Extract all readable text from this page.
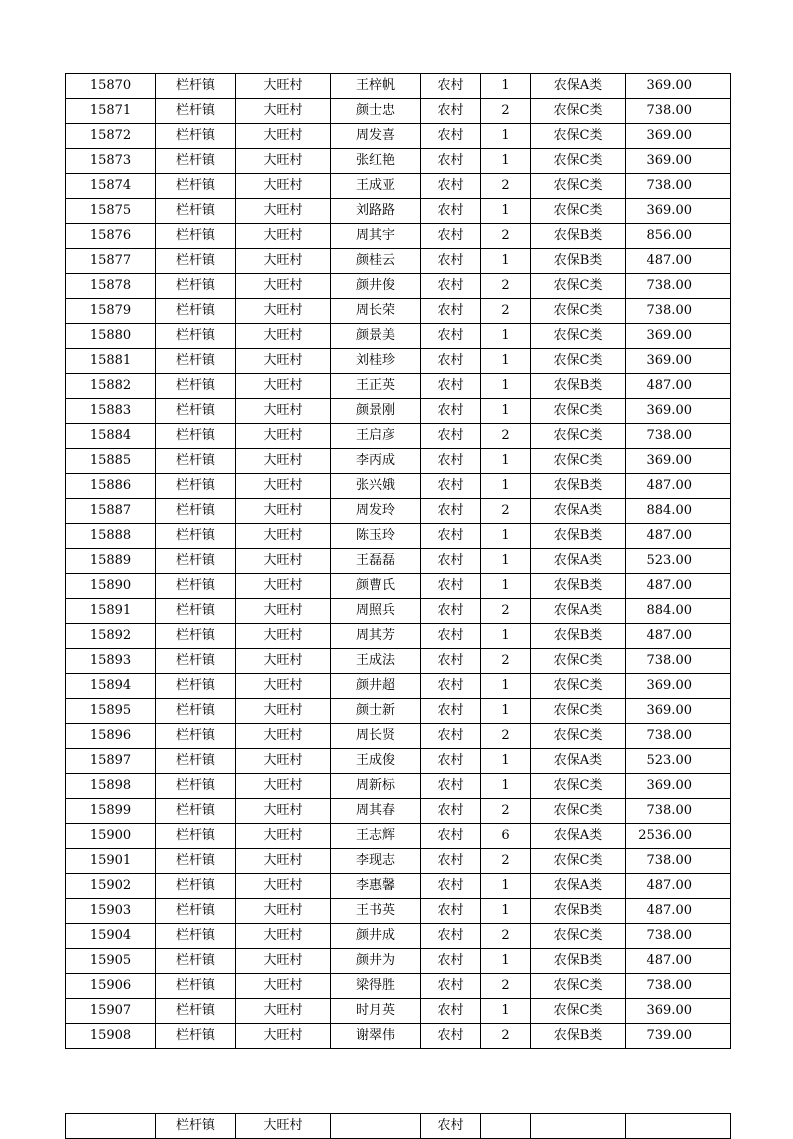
15870	栏杆镇	大旺村	王梓帆	农村	1	农保A类	369.00
15871	栏杆镇	大旺村	颜士忠	农村	2	农保C类	738.00
15872	栏杆镇	大旺村	周发喜	农村	1	农保C类	369.00
15873	栏杆镇	大旺村	张红艳	农村	1	农保C类	369.00
15874	栏杆镇	大旺村	王成亚	农村	2	农保C类	738.00
15875	栏杆镇	大旺村	刘路路	农村	1	农保C类	369.00
15876	栏杆镇	大旺村	周其宇	农村	2	农保B类	856.00
15877	栏杆镇	大旺村	颜桂云	农村	1	农保B类	487.00
15878	栏杆镇	大旺村	颜井俊	农村	2	农保C类	738.00
15879	栏杆镇	大旺村	周长荣	农村	2	农保C类	738.00
15880	栏杆镇	大旺村	颜景美	农村	1	农保C类	369.00
15881	栏杆镇	大旺村	刘桂珍	农村	1	农保C类	369.00
15882	栏杆镇	大旺村	王正英	农村	1	农保B类	487.00
15883	栏杆镇	大旺村	颜景刚	农村	1	农保C类	369.00
15884	栏杆镇	大旺村	王启彦	农村	2	农保C类	738.00
15885	栏杆镇	大旺村	李丙成	农村	1	农保C类	369.00
15886	栏杆镇	大旺村	张兴娥	农村	1	农保B类	487.00
15887	栏杆镇	大旺村	周发玲	农村	2	农保A类	884.00
15888	栏杆镇	大旺村	陈玉玲	农村	1	农保B类	487.00
15889	栏杆镇	大旺村	王磊磊	农村	1	农保A类	523.00
15890	栏杆镇	大旺村	颜曹氏	农村	1	农保B类	487.00
15891	栏杆镇	大旺村	周照兵	农村	2	农保A类	884.00
15892	栏杆镇	大旺村	周其芳	农村	1	农保B类	487.00
15893	栏杆镇	大旺村	王成法	农村	2	农保C类	738.00
15894	栏杆镇	大旺村	颜井超	农村	1	农保C类	369.00
15895	栏杆镇	大旺村	颜士新	农村	1	农保C类	369.00
15896	栏杆镇	大旺村	周长贤	农村	2	农保C类	738.00
15897	栏杆镇	大旺村	王成俊	农村	1	农保A类	523.00
15898	栏杆镇	大旺村	周新标	农村	1	农保C类	369.00
15899	栏杆镇	大旺村	周其春	农村	2	农保C类	738.00
15900	栏杆镇	大旺村	王志辉	农村	6	农保A类	2536.00
15901	栏杆镇	大旺村	李现志	农村	2	农保C类	738.00
15902	栏杆镇	大旺村	李惠馨	农村	1	农保A类	487.00
15903	栏杆镇	大旺村	王书英	农村	1	农保B类	487.00
15904	栏杆镇	大旺村	颜井成	农村	2	农保C类	738.00
15905	栏杆镇	大旺村	颜井为	农村	1	农保B类	487.00
15906	栏杆镇	大旺村	梁得胜	农村	2	农保C类	738.00
15907	栏杆镇	大旺村	时月英	农村	1	农保C类	369.00
15908	栏杆镇	大旺村	谢翠伟	农村	2	农保B类	739.00
	栏杆镇	大旺村		农村			
